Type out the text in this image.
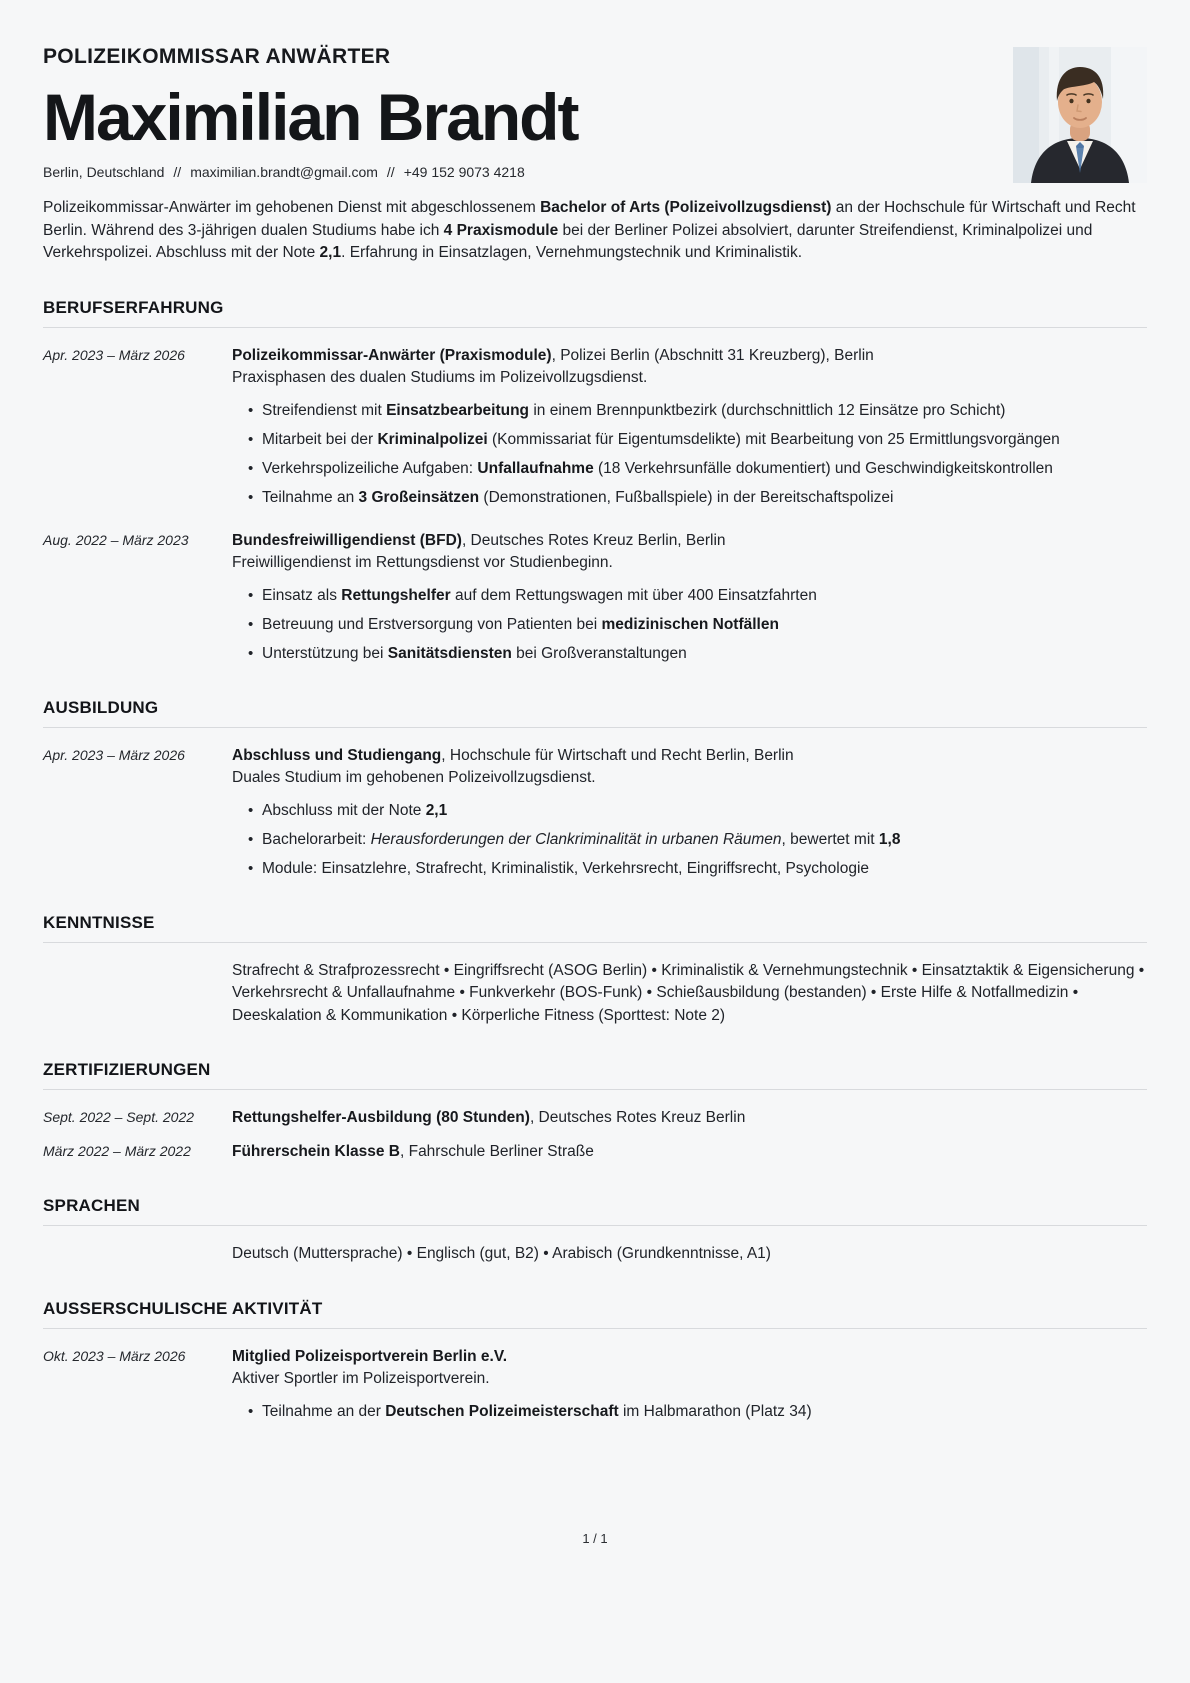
POLIZEIKOMMISSAR ANWÄRTER
Maximilian Brandt
Berlin, Deutschland // maximilian.brandt@gmail.com // +49 152 9073 4218

Polizeikommissar-Anwärter im gehobenen Dienst mit abgeschlossenem Bachelor of Arts (Polizeivollzugsdienst) an der Hochschule für Wirtschaft und Recht Berlin. Während des 3-jährigen dualen Studiums habe ich 4 Praxismodule bei der Berliner Polizei absolviert, darunter Streifendienst, Kriminalpolizei und Verkehrspolizei. Abschluss mit der Note 2,1. Erfahrung in Einsatzlagen, Vernehmungstechnik und Kriminalistik.

BERUFSERFAHRUNG
Apr. 2023 – März 2026	Polizeikommissar-Anwärter (Praxismodule), Polizei Berlin (Abschnitt 31 Kreuzberg), Berlin

Praxisphasen des dualen Studiums im Polizeivollzugsdienst.

• Streifendienst mit Einsatzbearbeitung in einem Brennpunktbezirk (durchschnittlich 12 Einsätze pro Schicht)
• Mitarbeit bei der Kriminalpolizei (Kommissariat für Eigentumsdelikte) mit Bearbeitung von 25 Ermittlungsvorgängen
• Verkehrspolizeiliche Aufgaben: Unfallaufnahme (18 Verkehrsunfälle dokumentiert) und Geschwindigkeitskontrollen
• Teilnahme an 3 Großeinsätzen (Demonstrationen, Fußballspiele) in der Bereitschaftspolizei
Aug. 2022 – März 2023	Bundesfreiwilligendienst (BFD), Deutsches Rotes Kreuz Berlin, Berlin

Freiwilligendienst im Rettungsdienst vor Studienbeginn.

• Einsatz als Rettungshelfer auf dem Rettungswagen mit über 400 Einsatzfahrten
• Betreuung und Erstversorgung von Patienten bei medizinischen Notfällen
• Unterstützung bei Sanitätsdiensten bei Großveranstaltungen
AUSBILDUNG
Apr. 2023 – März 2026	Abschluss und Studiengang, Hochschule für Wirtschaft und Recht Berlin, Berlin

Duales Studium im gehobenen Polizeivollzugsdienst.

• Abschluss mit der Note 2,1
• Bachelorarbeit: Herausforderungen der Clankriminalität in urbanen Räumen, bewertet mit 1,8
• Module: Einsatzlehre, Strafrecht, Kriminalistik, Verkehrsrecht, Eingriffsrecht, Psychologie
KENNTNISSE
Strafrecht & Strafprozessrecht • Eingriffsrecht (ASOG Berlin) • Kriminalistik & Vernehmungstechnik • Einsatztaktik & Eigensicherung • Verkehrsrecht & Unfallaufnahme • Funkverkehr (BOS-Funk) • Schießausbildung (bestanden) • Erste Hilfe & Notfallmedizin • Deeskalation & Kommunikation • Körperliche Fitness (Sporttest: Note 2)
ZERTIFIZIERUNGEN
Sept. 2022 – Sept. 2022	Rettungshelfer-Ausbildung (80 Stunden), Deutsches Rotes Kreuz Berlin
März 2022 – März 2022	Führerschein Klasse B, Fahrschule Berliner Straße
SPRACHEN
Deutsch (Muttersprache) • Englisch (gut, B2) • Arabisch (Grundkenntnisse, A1)
AUSSERSCHULISCHE AKTIVITÄT
Okt. 2023 – März 2026	Mitglied Polizeisportverein Berlin e.V.

Aktiver Sportler im Polizeisportverein.

• Teilnahme an der Deutschen Polizeimeisterschaft im Halbmarathon (Platz 34)
1 / 1
